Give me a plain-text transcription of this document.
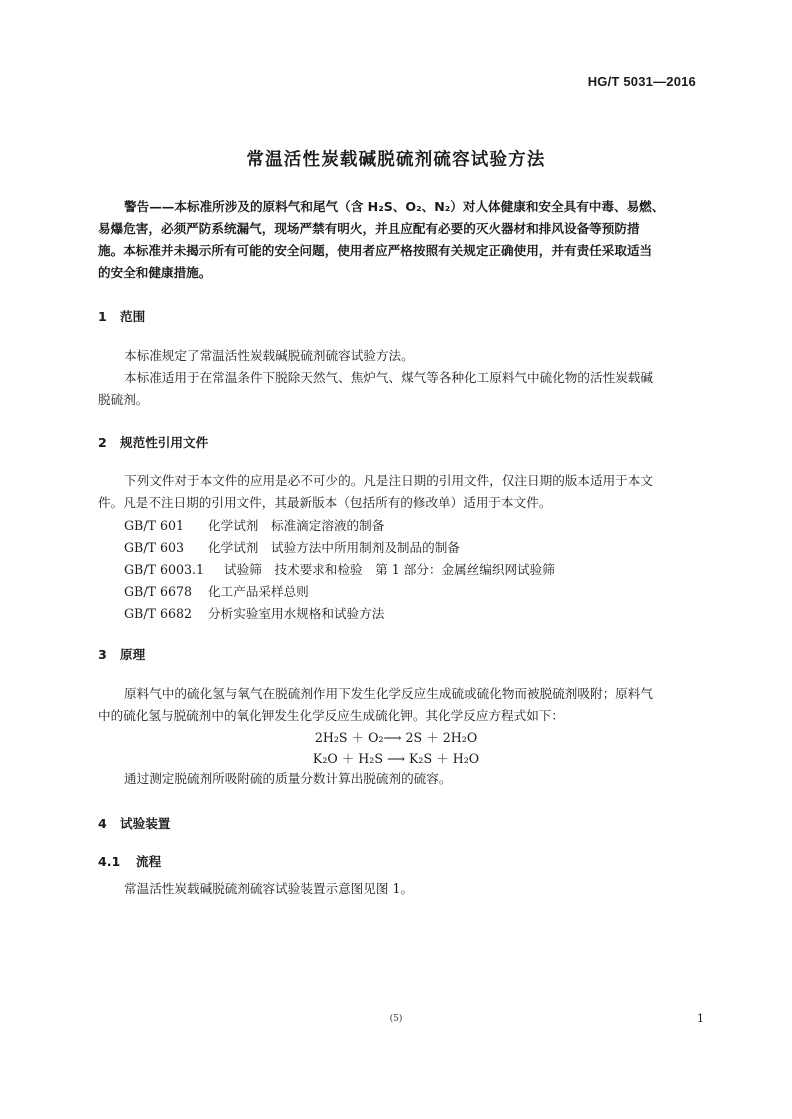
HG/T 5031—2016
常温活性炭载碱脱硫剂硫容试验方法
警告——本标准所涉及的原料气和尾气（含 H₂S、O₂、N₂）对人体健康和安全具有中毒、易燃、
易爆危害，必须严防系统漏气，现场严禁有明火，并且应配有必要的灭火器材和排风设备等预防措
施。本标准并未揭示所有可能的安全问题，使用者应严格按照有关规定正确使用，并有责任采取适当
的安全和健康措施。
1 范围
本标准规定了常温活性炭载碱脱硫剂硫容试验方法。
本标准适用于在常温条件下脱除天然气、焦炉气、煤气等各种化工原料气中硫化物的活性炭载碱
脱硫剂。
2 规范性引用文件
下列文件对于本文件的应用是必不可少的。凡是注日期的引用文件，仅注日期的版本适用于本文
件。凡是不注日期的引用文件，其最新版本（包括所有的修改单）适用于本文件。
GB/T 601 化学试剂　标准滴定溶液的制备
GB/T 603 化学试剂　试验方法中所用制剂及制品的制备
GB/T 6003.1 试验筛　技术要求和检验　第 1 部分：金属丝编织网试验筛
GB/T 6678 化工产品采样总则
GB/T 6682 分析实验室用水规格和试验方法
3 原理
原料气中的硫化氢与氧气在脱硫剂作用下发生化学反应生成硫或硫化物而被脱硫剂吸附；原料气
中的硫化氢与脱硫剂中的氧化钾发生化学反应生成硫化钾。其化学反应方程式如下：
2H₂S ＋ O₂⟶ 2S ＋ 2H₂O
K₂O ＋ H₂S ⟶ K₂S ＋ H₂O
通过测定脱硫剂所吸附硫的质量分数计算出脱硫剂的硫容。
4 试验装置
4.1 流程
常温活性炭载碱脱硫剂硫容试验装置示意图见图 1。
(5)	1
